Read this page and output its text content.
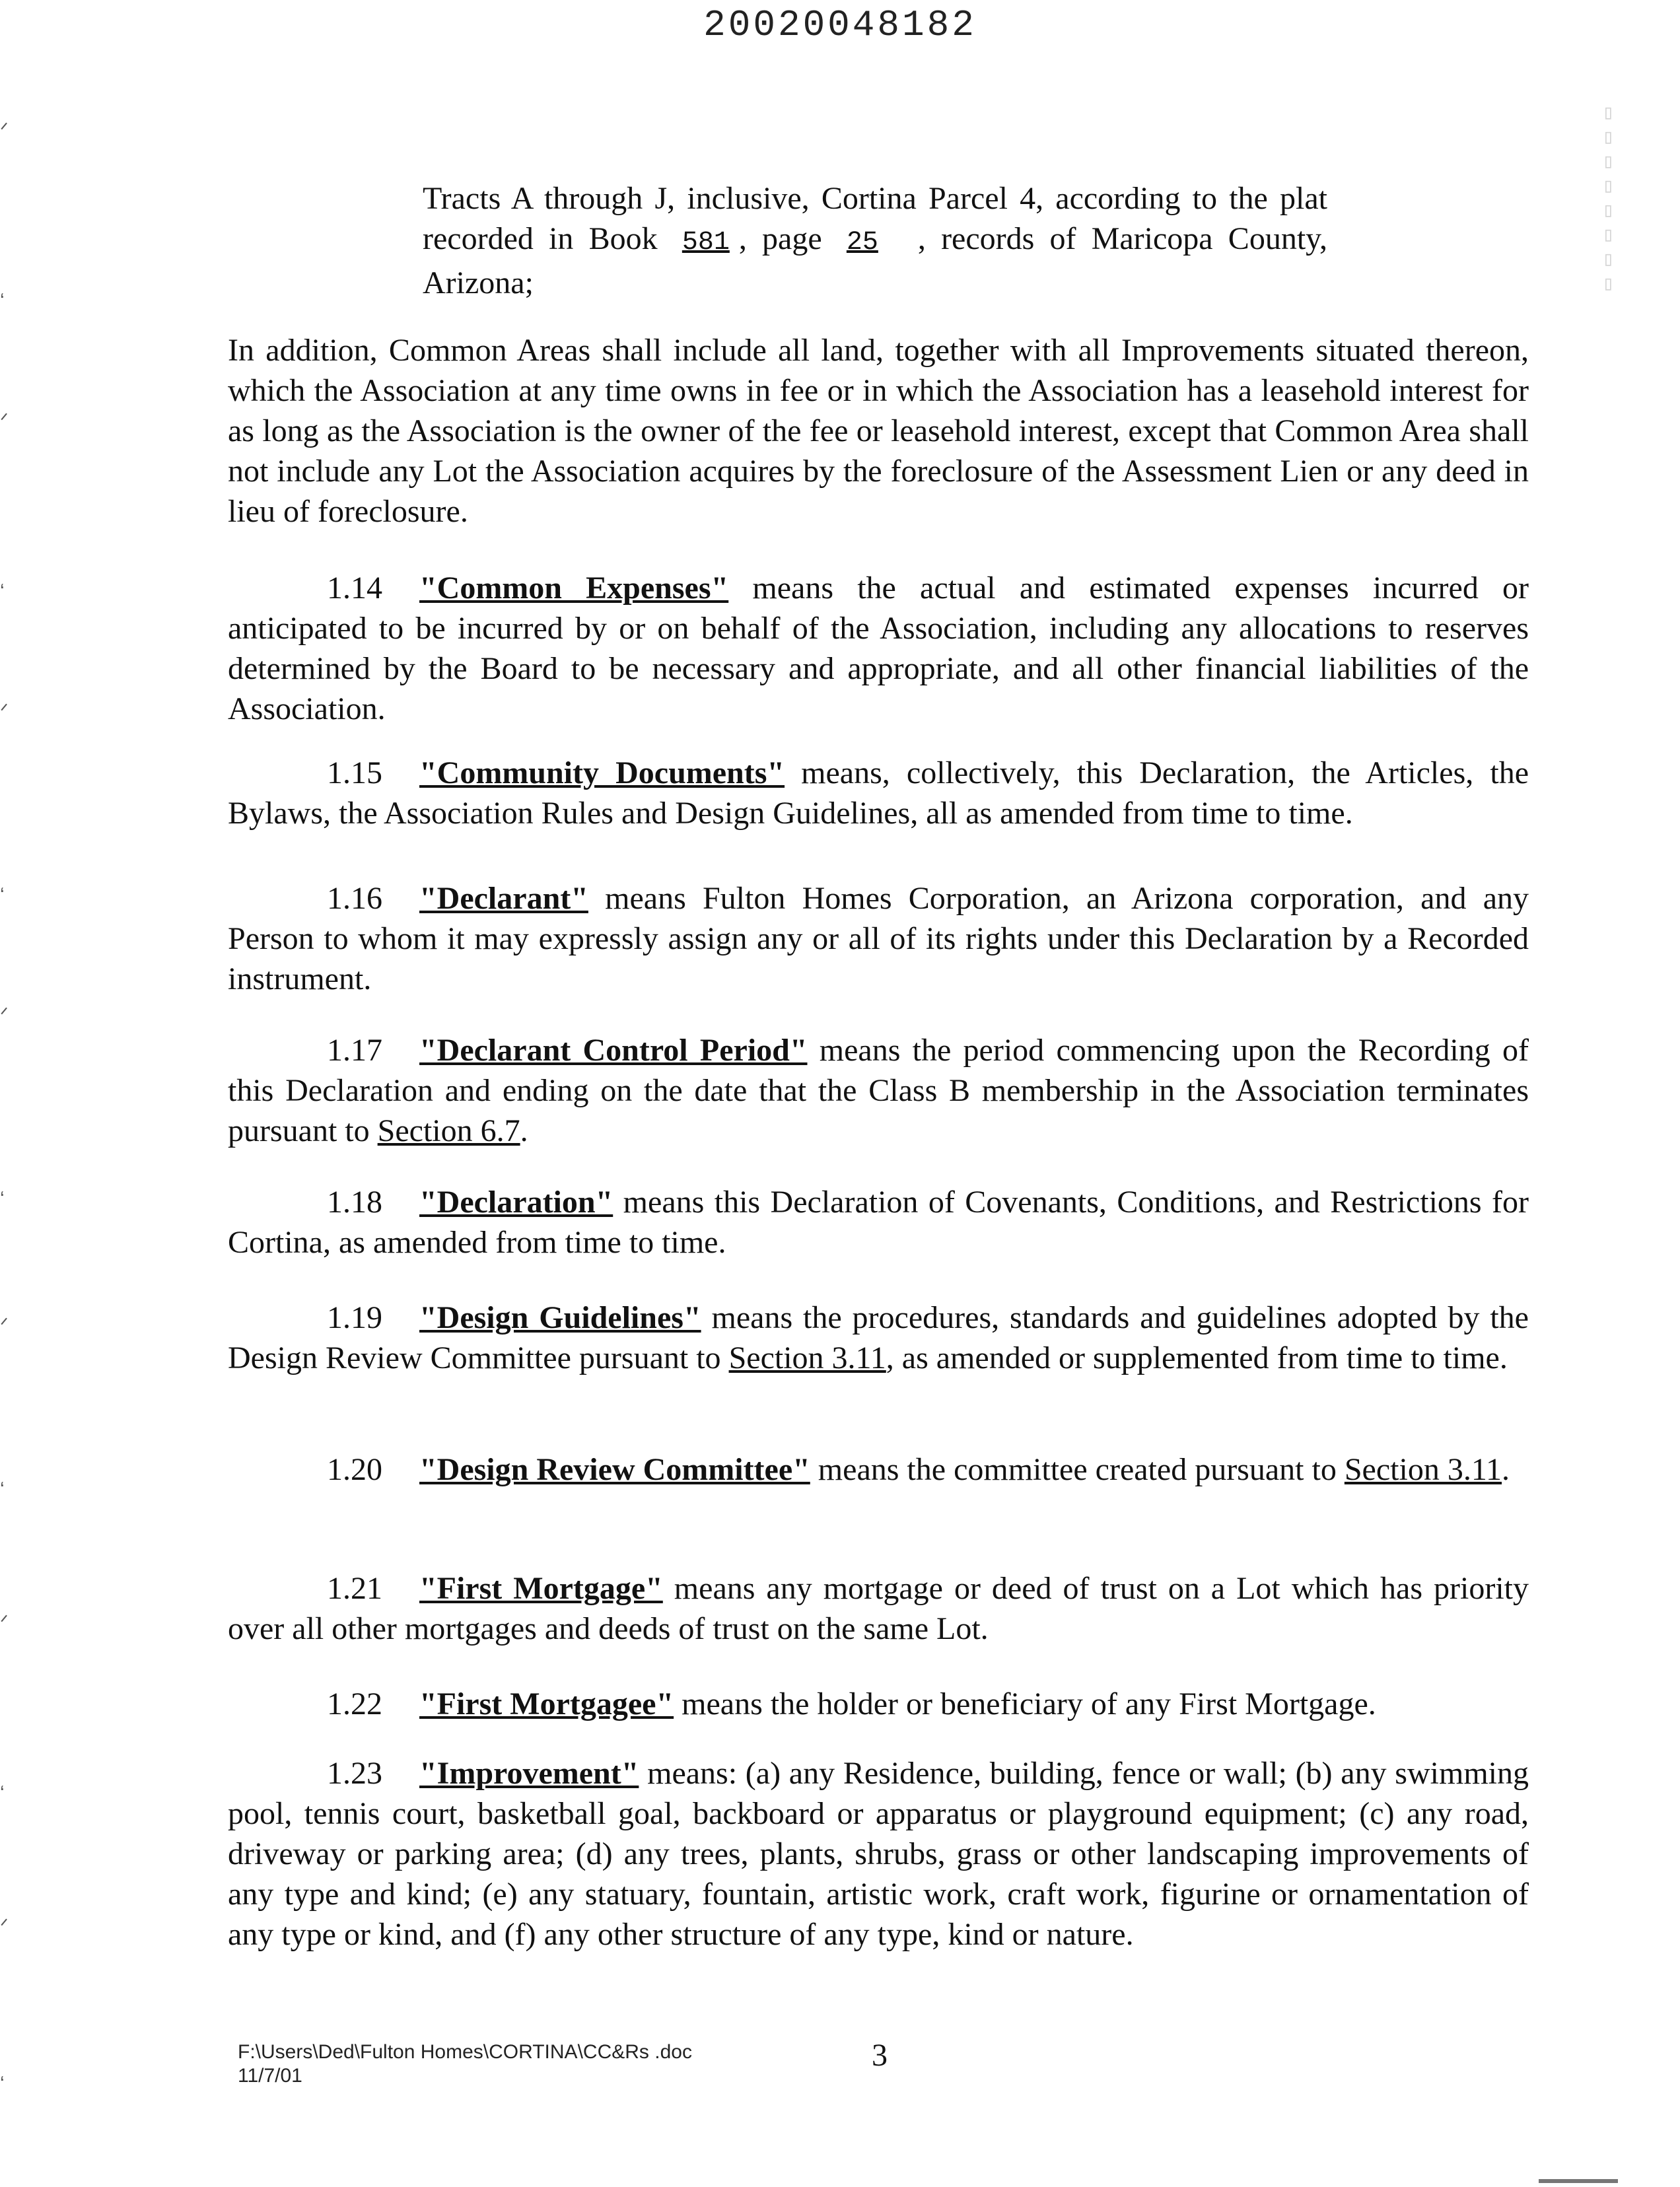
20020048182
▯▯▯▯▯▯▯▯
ᐟ
ʻ
ᐟ
ʻ
ᐟ
ʻ
ᐟ
ʻ
ᐟ
ʻ
ᐟ
ʻ
ᐟ
ʻ
Tracts A through J, inclusive, Cortina Parcel 4, according to the plat recorded in Book 581 , page 25 , records of Maricopa County, Arizona;
In addition, Common Areas shall include all land, together with all Improvements situated thereon, which the Association at any time owns in fee or in which the Association has a leasehold interest for as long as the Association is the owner of the fee or leasehold interest, except that Common Area shall not include any Lot the Association acquires by the foreclosure of the Assessment Lien or any deed in lieu of foreclosure.
1.14 "Common Expenses" means the actual and estimated expenses incurred or anticipated to be incurred by or on behalf of the Association, including any allocations to reserves determined by the Board to be necessary and appropriate, and all other financial liabilities of the Association.
1.15 "Community Documents" means, collectively, this Declaration, the Articles, the Bylaws, the Association Rules and Design Guidelines, all as amended from time to time.
1.16 "Declarant" means Fulton Homes Corporation, an Arizona corporation, and any Person to whom it may expressly assign any or all of its rights under this Declaration by a Recorded instrument.
1.17 "Declarant Control Period" means the period commencing upon the Recording of this Declaration and ending on the date that the Class B membership in the Association terminates pursuant to Section 6.7.
1.18 "Declaration" means this Declaration of Covenants, Conditions, and Restrictions for Cortina, as amended from time to time.
1.19 "Design Guidelines" means the procedures, standards and guidelines adopted by the Design Review Committee pursuant to Section 3.11, as amended or supplemented from time to time.
1.20 "Design Review Committee" means the committee created pursuant to Section 3.11.
1.21 "First Mortgage" means any mortgage or deed of trust on a Lot which has priority over all other mortgages and deeds of trust on the same Lot.
1.22 "First Mortgagee" means the holder or beneficiary of any First Mortgage.
1.23 "Improvement" means: (a) any Residence, building, fence or wall; (b) any swimming pool, tennis court, basketball goal, backboard or apparatus or playground equipment; (c) any road, driveway or parking area; (d) any trees, plants, shrubs, grass or other landscaping improvements of any type and kind; (e) any statuary, fountain, artistic work, craft work, figurine or ornamentation of any type or kind, and (f) any other structure of any type, kind or nature.
F:\Users\Ded\Fulton Homes\CORTINA\CC&Rs .doc
11/7/01
3
